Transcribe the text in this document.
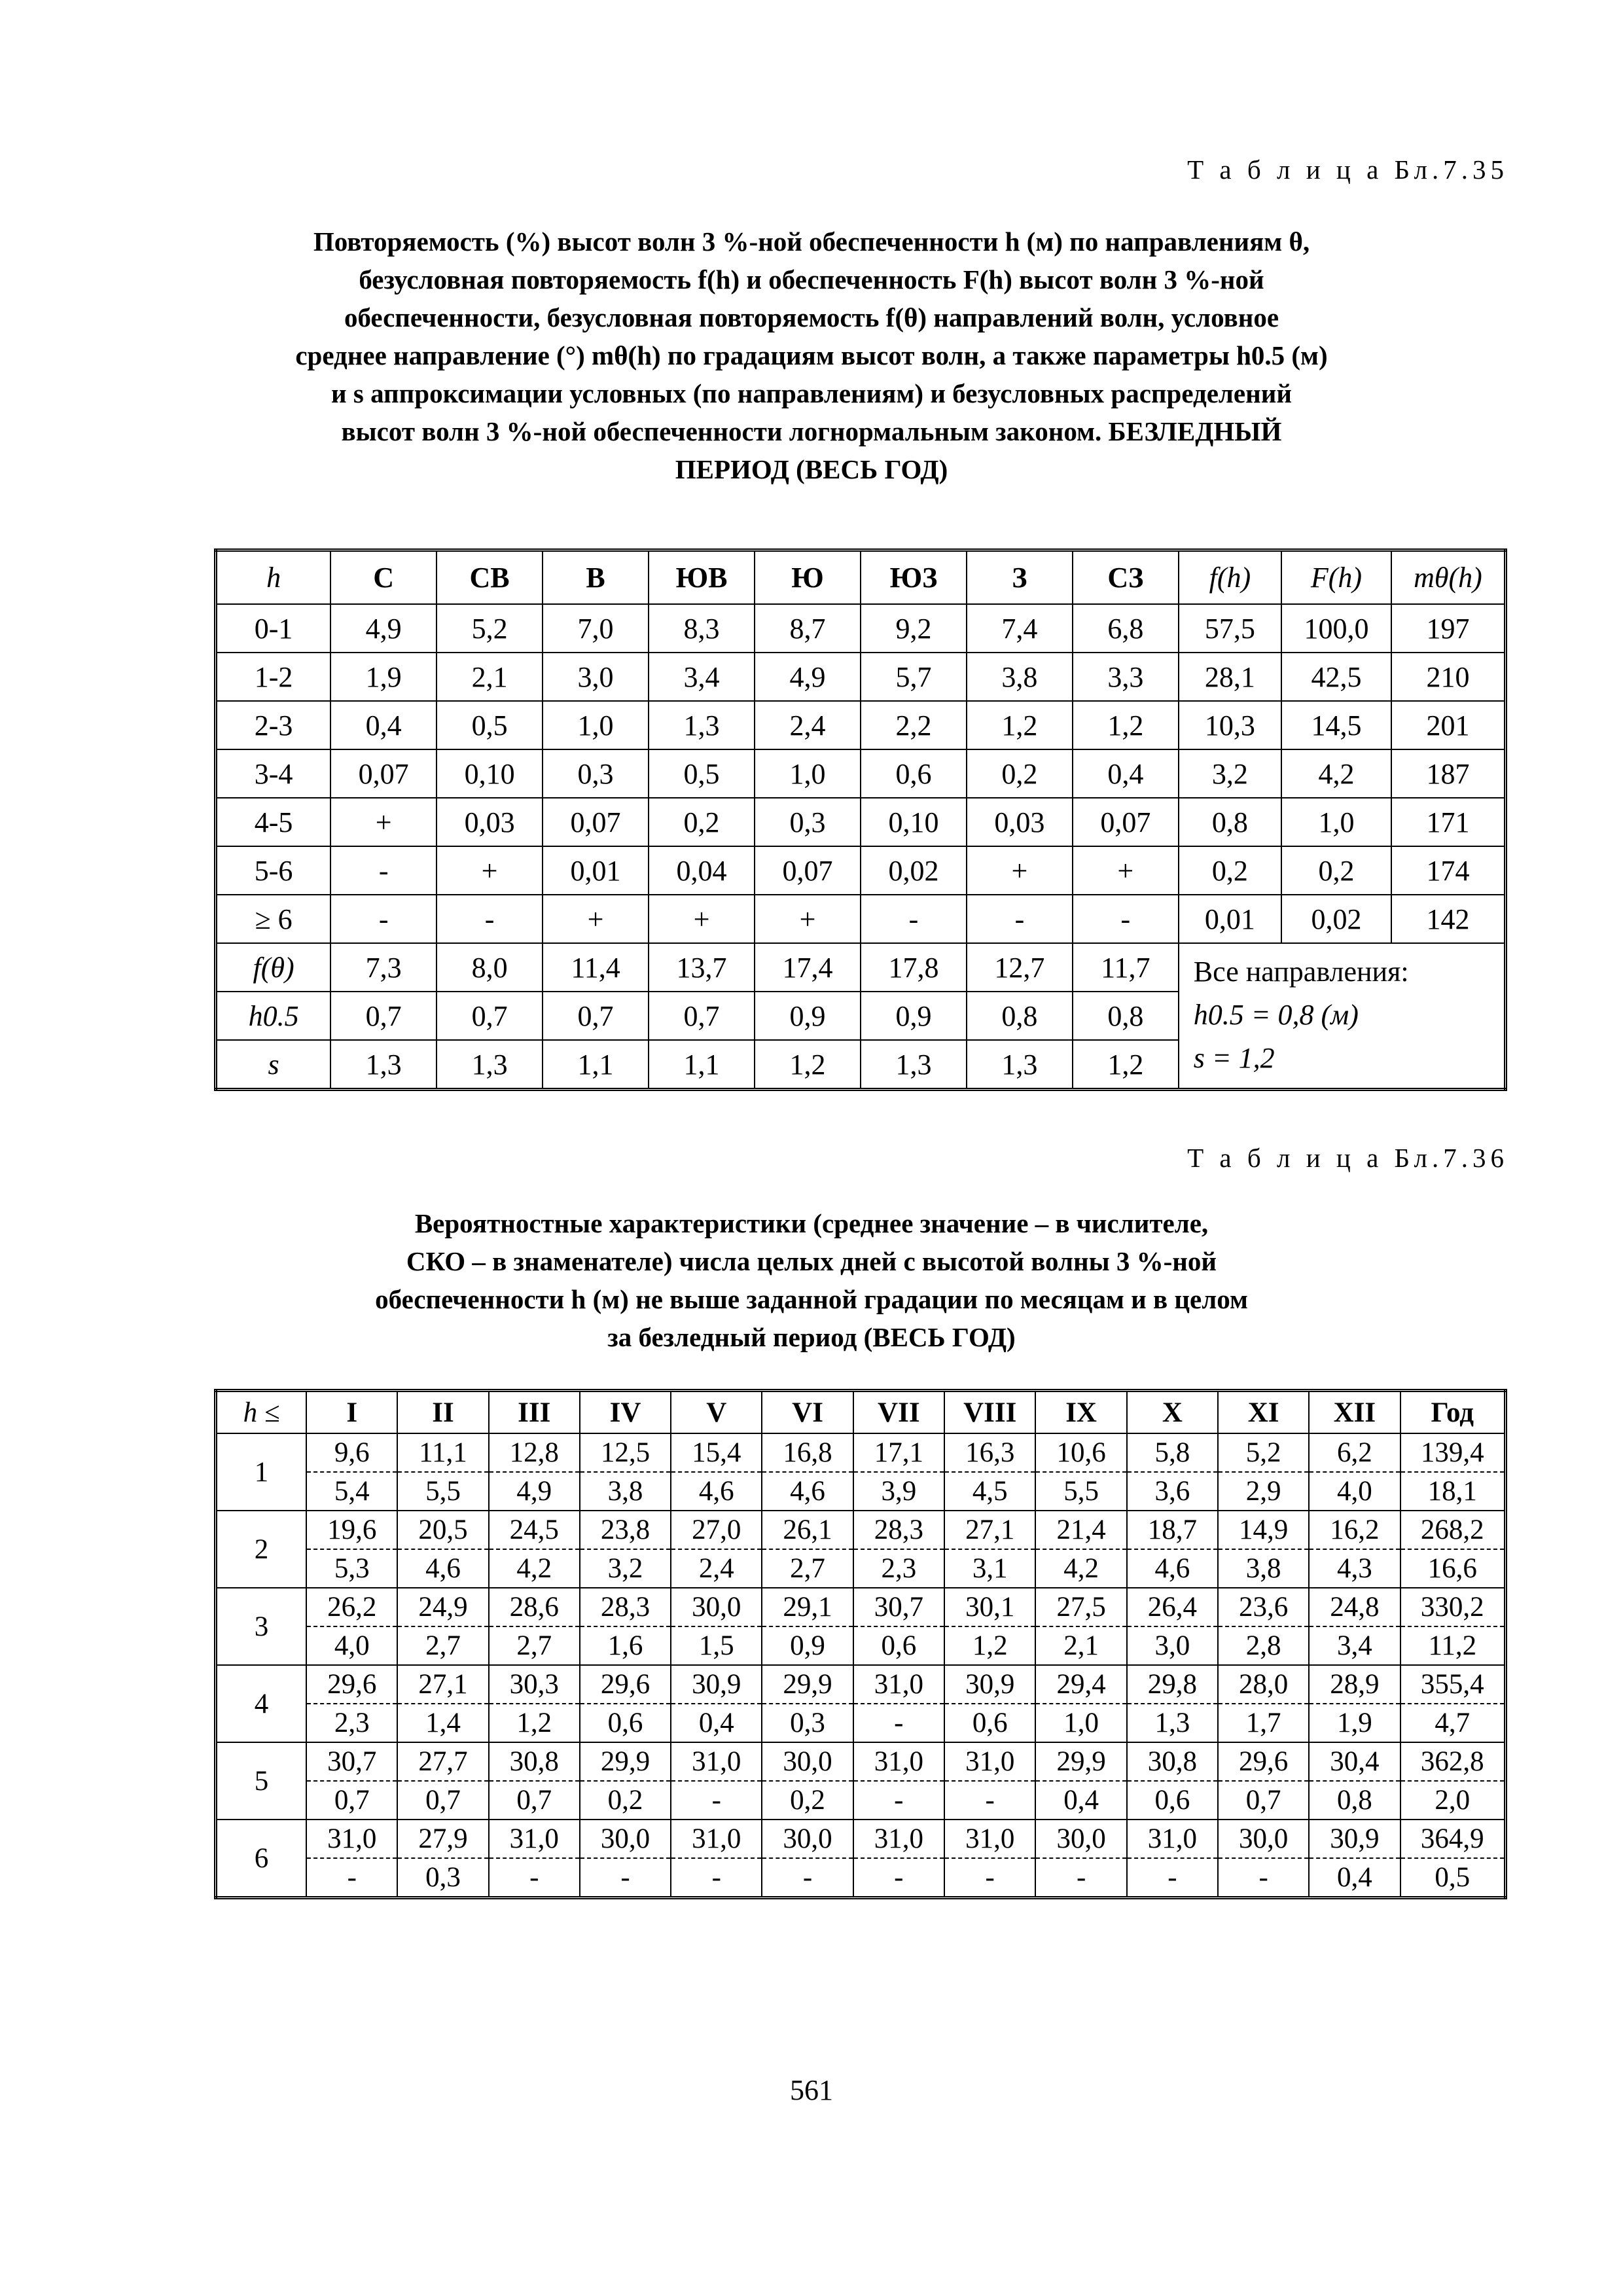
Т а б л и ц а Бл.7.35
Повторяемость (%) высот волн 3 %-ной обеспеченности h (м) по направлениям θ,
безусловная повторяемость f(h) и обеспеченность F(h) высот волн 3 %-ной
обеспеченности, безусловная повторяемость f(θ) направлений волн, условное
среднее направление (°) mθ(h) по градациям высот волн, а также параметры h0.5 (м)
и s аппроксимации условных (по направлениям) и безусловных распределений
высот волн 3 %-ной обеспеченности логнормальным законом. БЕЗЛЕДНЫЙ
ПЕРИОД (ВЕСЬ ГОД)
h	С	СВ	В	ЮВ	Ю	ЮЗ	З	СЗ	f(h)	F(h)	mθ(h)
0-1	4,9	5,2	7,0	8,3	8,7	9,2	7,4	6,8	57,5	100,0	197
1-2	1,9	2,1	3,0	3,4	4,9	5,7	3,8	3,3	28,1	42,5	210
2-3	0,4	0,5	1,0	1,3	2,4	2,2	1,2	1,2	10,3	14,5	201
3-4	0,07	0,10	0,3	0,5	1,0	0,6	0,2	0,4	3,2	4,2	187
4-5	+	0,03	0,07	0,2	0,3	0,10	0,03	0,07	0,8	1,0	171
5-6	-	+	0,01	0,04	0,07	0,02	+	+	0,2	0,2	174
≥ 6	-	-	+	+	+	-	-	-	0,01	0,02	142
f(θ)	7,3	8,0	11,4	13,7	17,4	17,8	12,7	11,7	Все направления:
h0.5 = 0,8 (м)
s = 1,2		

h0.5	0,7	0,7	0,7	0,7	0,9	0,9	0,8	0,8			
s	1,3	1,3	1,1	1,1	1,2	1,3	1,3	1,2			
Т а б л и ц а Бл.7.36
Вероятностные характеристики (среднее значение – в числителе,
СКО – в знаменателе) числа целых дней с высотой волны 3 %-ной
обеспеченности h (м) не выше заданной градации по месяцам и в целом
за безледный период (ВЕСЬ ГОД)
h ≤	I	II	III	IV	V	VI	VII	VIII	IX	X	XI	XII	Год
1	9,6	11,1	12,8	12,5	15,4	16,8	17,1	16,3	10,6	5,8	5,2	6,2	139,4
	5,4	5,5	4,9	3,8	4,6	4,6	3,9	4,5	5,5	3,6	2,9	4,0	18,1
2	19,6	20,5	24,5	23,8	27,0	26,1	28,3	27,1	21,4	18,7	14,9	16,2	268,2
	5,3	4,6	4,2	3,2	2,4	2,7	2,3	3,1	4,2	4,6	3,8	4,3	16,6
3	26,2	24,9	28,6	28,3	30,0	29,1	30,7	30,1	27,5	26,4	23,6	24,8	330,2
	4,0	2,7	2,7	1,6	1,5	0,9	0,6	1,2	2,1	3,0	2,8	3,4	11,2
4	29,6	27,1	30,3	29,6	30,9	29,9	31,0	30,9	29,4	29,8	28,0	28,9	355,4
	2,3	1,4	1,2	0,6	0,4	0,3	-	0,6	1,0	1,3	1,7	1,9	4,7
5	30,7	27,7	30,8	29,9	31,0	30,0	31,0	31,0	29,9	30,8	29,6	30,4	362,8
	0,7	0,7	0,7	0,2	-	0,2	-	-	0,4	0,6	0,7	0,8	2,0
6	31,0	27,9	31,0	30,0	31,0	30,0	31,0	31,0	30,0	31,0	30,0	30,9	364,9
	-	0,3	-	-	-	-	-	-	-	-	-	0,4	0,5
561
